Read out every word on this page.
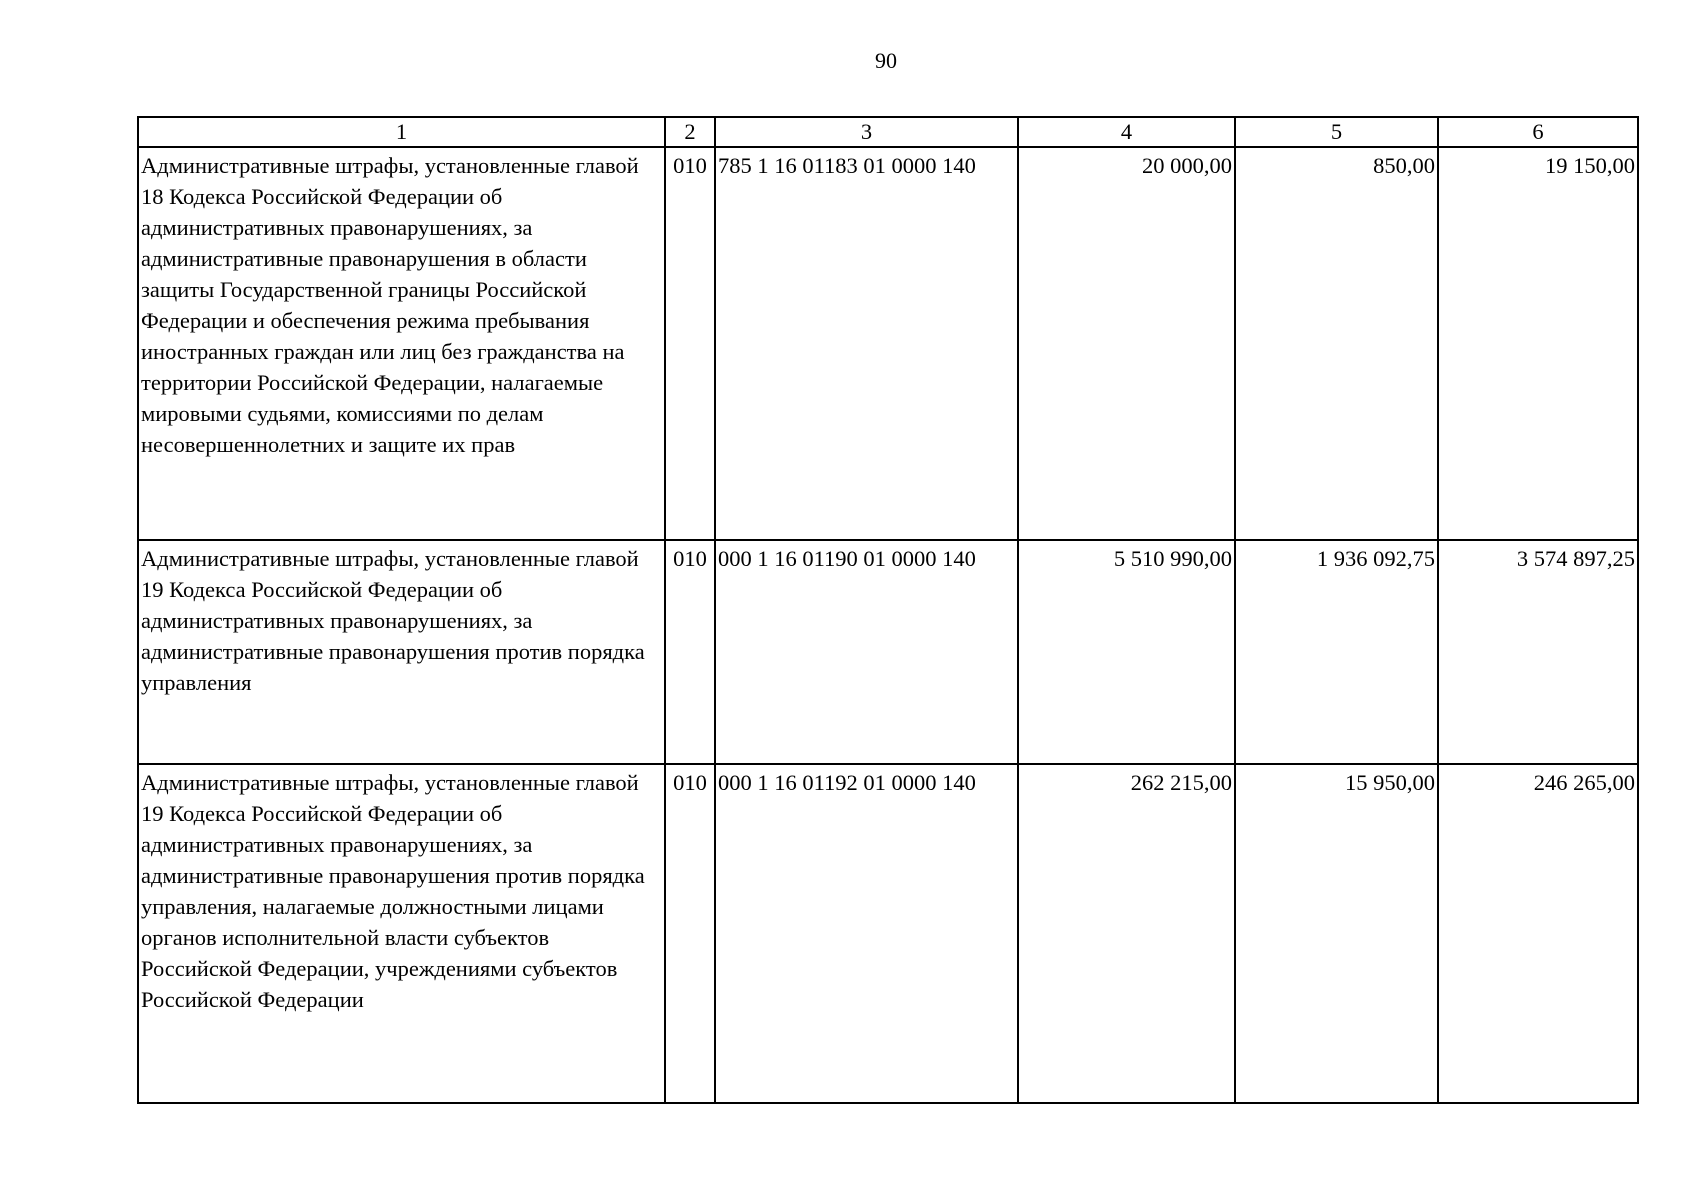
90
1	2	3	4	5	6

Административные штрафы, установленные главой 18 Кодекса Российской Федерации об административных правонарушениях, за административные правонарушения в области защиты Государственной границы Российской Федерации и обеспечения режима пребывания иностранных граждан или лиц без гражданства на территории Российской Федерации, налагаемые мировыми судьями, комиссиями по делам несовершеннолетних и защите их прав	010	785 1 16 01183 01 0000 140	20 000,00	850,00	19 150,00

Административные штрафы, установленные главой 19 Кодекса Российской Федерации об административных правонарушениях, за административные правонарушения против порядка управления	010	000 1 16 01190 01 0000 140	5 510 990,00	1 936 092,75	3 574 897,25

Административные штрафы, установленные главой 19 Кодекса Российской Федерации об административных правонарушениях, за административные правонарушения против порядка управления, налагаемые должностными лицами органов исполнительной власти субъектов Российской Федерации, учреждениями субъектов Российской Федерации	010	000 1 16 01192 01 0000 140	262 215,00	15 950,00	246 265,00
